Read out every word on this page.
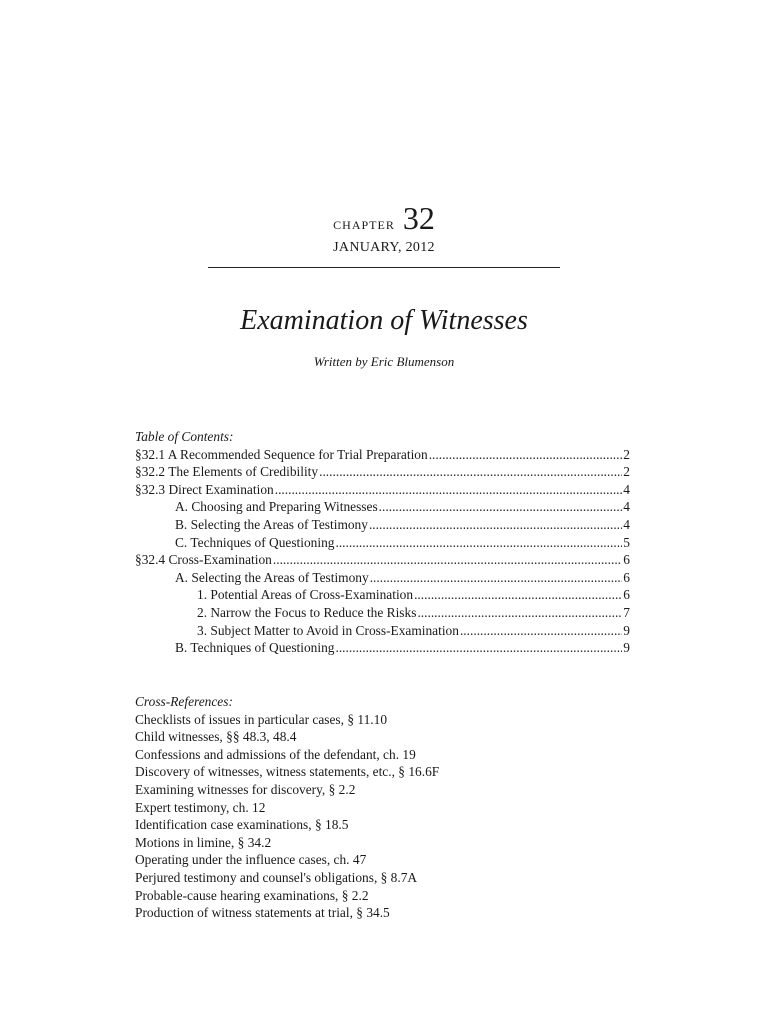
chapter 32
JANUARY, 2012
Examination of Witnesses
Written by Eric Blumenson
Table of Contents:
§32.1 A Recommended Sequence for Trial Preparation .....	2
§32.2 The Elements of Credibility .....	2
§32.3 Direct Examination .....	4
A. Choosing and Preparing Witnesses .....	4
B. Selecting the Areas of Testimony .....	4
C. Techniques of Questioning .....	5
§32.4 Cross-Examination .....	6
A. Selecting the Areas of Testimony .....	6
1. Potential Areas of Cross-Examination .....	6
2. Narrow the Focus to Reduce the Risks .....	7
3. Subject Matter to Avoid in Cross-Examination .....	9
B. Techniques of Questioning .....	9
Cross-References:
Checklists of issues in particular cases, § 11.10
Child witnesses, §§ 48.3, 48.4
Confessions and admissions of the defendant, ch. 19
Discovery of witnesses, witness statements, etc., § 16.6F
Examining witnesses for discovery, § 2.2
Expert testimony, ch. 12
Identification case examinations, § 18.5
Motions in limine, § 34.2
Operating under the influence cases, ch. 47
Perjured testimony and counsel's obligations, § 8.7A
Probable-cause hearing examinations, § 2.2
Production of witness statements at trial, § 34.5
